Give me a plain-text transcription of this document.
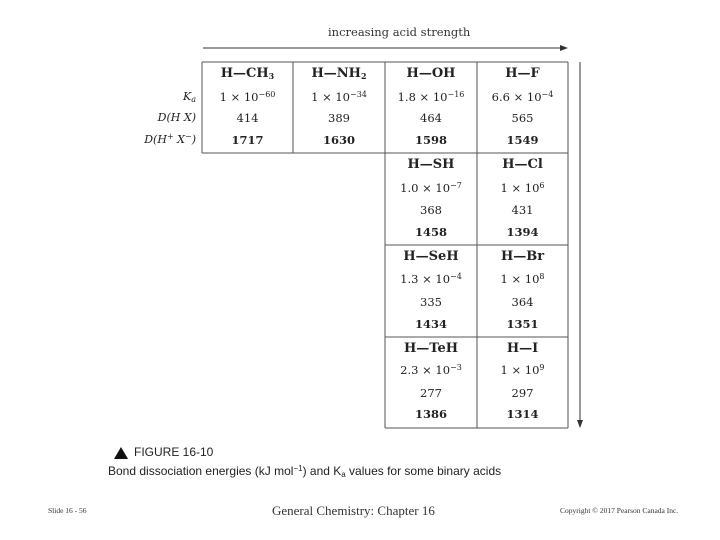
increasing acid strength
$K_a$
D(H X)
D(H+ X−)
$H—CH_3$
$1 \times 10^{-60}$
414
1717
$H—NH_2$
$1 \times 10^{-34}$
389
1630
H—OH
$1.8 \times 10^{-16}$
464
1598
H—F
$6.6 \times 10^{-4}$
565
1549
H—SH
$1.0 \times 10^{-7}$
368
1458
H—Cl
$1 \times 10^6$
431
1394
H—SeH
$1.3 \times 10^{-4}$
335
1434
H—Br
$1 \times 10^8$
364
1351
H—TeH
$2.3 \times 10^{-3}$
277
1386
H—I
$1 \times 10^9$
297
1314
FIGURE 16-10
Bond dissociation energies (kJ mol$^{-1}$) and $K_a$ values for some binary acids
Slide 16 - 56	General Chemistry: Chapter 16	Copyright © 2017 Pearson Canada Inc.
